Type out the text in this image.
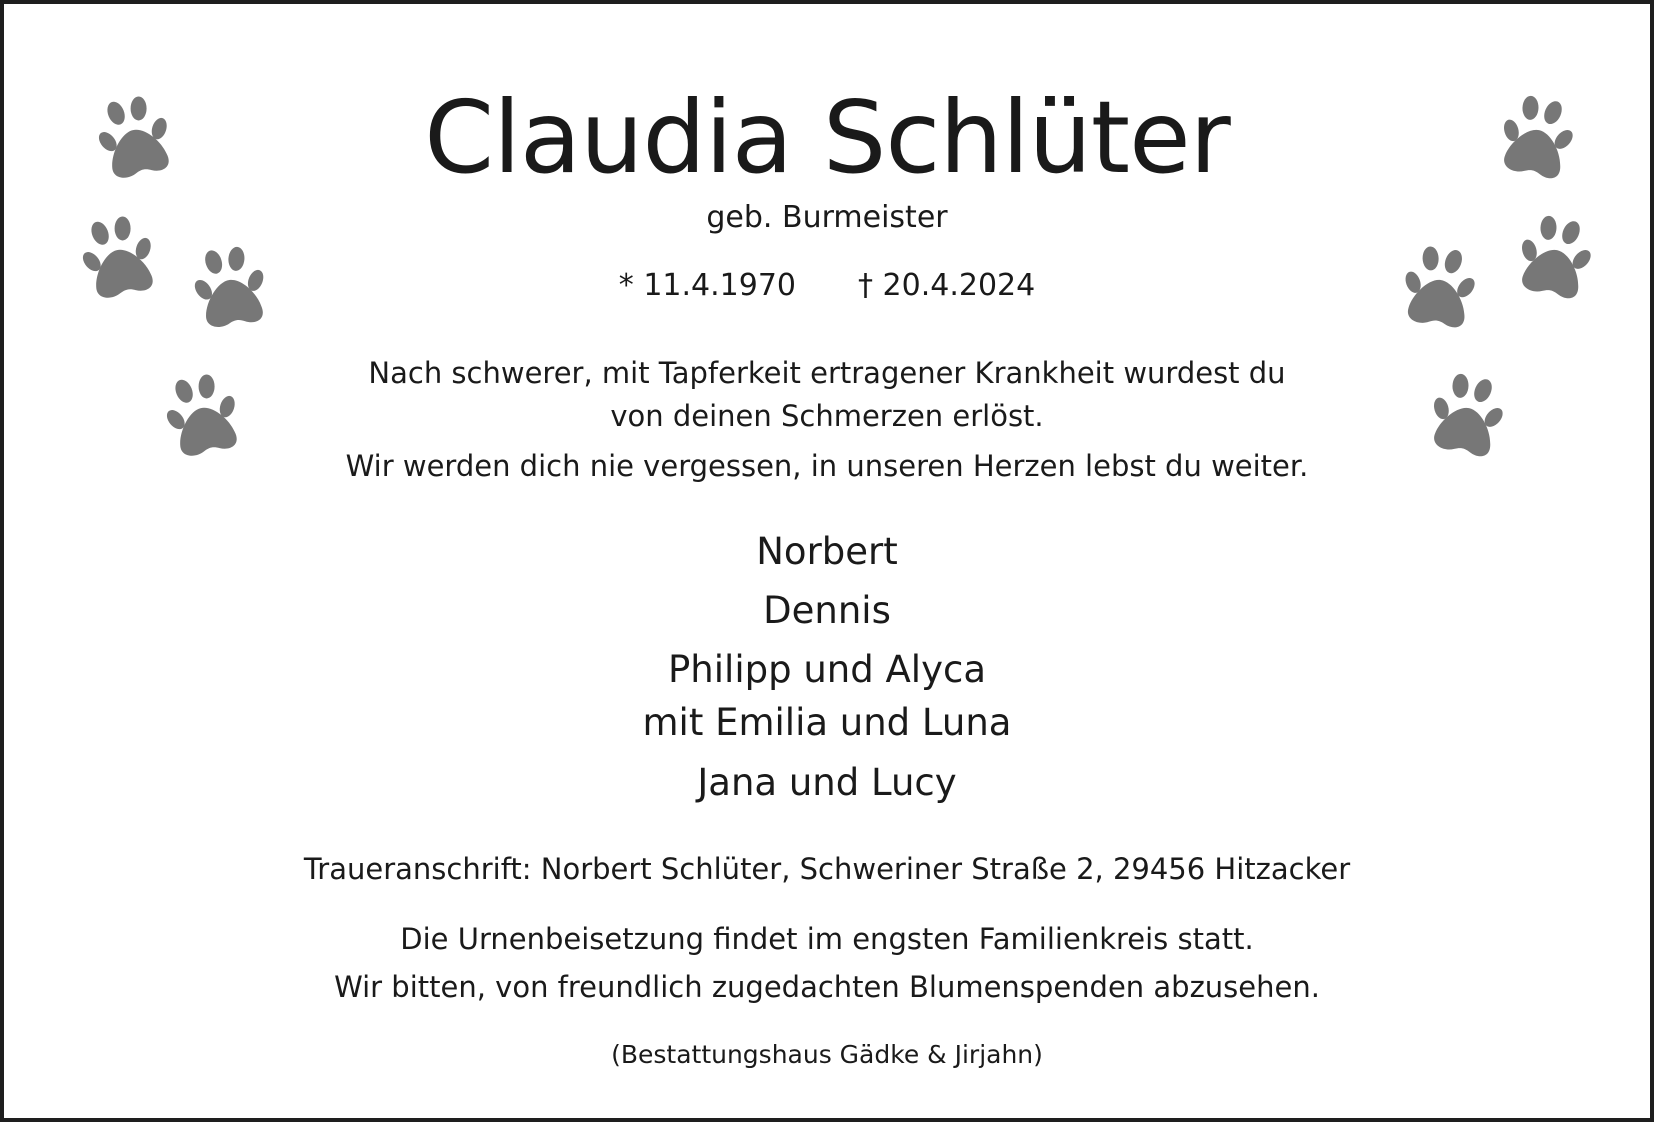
Claudia Schlüter
geb. Burmeister
* 11.4.1970 † 20.4.2024
Nach schwerer, mit Tapferkeit ertragener Krankheit wurdest du
von deinen Schmerzen erlöst.
Wir werden dich nie vergessen, in unseren Herzen lebst du weiter.
Norbert
Dennis
Philipp und Alyca
mit Emilia und Luna
Jana und Lucy
Traueranschrift: Norbert Schlüter, Schweriner Straße 2, 29456 Hitzacker
Die Urnenbeisetzung findet im engsten Familienkreis statt.
Wir bitten, von freundlich zugedachten Blumenspenden abzusehen.
(Bestattungshaus Gädke & Jirjahn)
